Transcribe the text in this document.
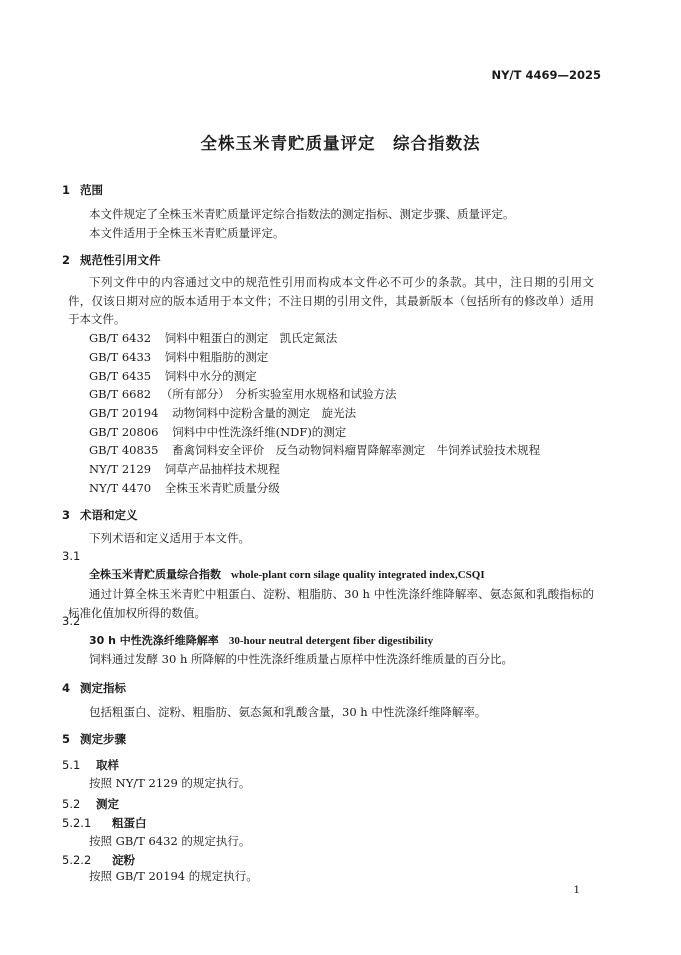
NY/T 4469—2025
全株玉米青贮质量评定　综合指数法
1 范围
本文件规定了全株玉米青贮质量评定综合指数法的测定指标、测定步骤、质量评定。
本文件适用于全株玉米青贮质量评定。
2 规范性引用文件
下列文件中的内容通过文中的规范性引用而构成本文件必不可少的条款。其中，注日期的引用文件，仅该日期对应的版本适用于本文件；不注日期的引用文件，其最新版本（包括所有的修改单）适用于本文件。
GB/T 6432 饲料中粗蛋白的测定　凯氏定氮法
GB/T 6433 饲料中粗脂肪的测定
GB/T 6435 饲料中水分的测定
GB/T 6682 （所有部分）　分析实验室用水规格和试验方法
GB/T 20194 动物饲料中淀粉含量的测定　旋光法
GB/T 20806 饲料中中性洗涤纤维(NDF)的测定
GB/T 40835 畜禽饲料安全评价　反刍动物饲料瘤胃降解率测定　牛饲养试验技术规程
NY/T 2129 饲草产品抽样技术规程
NY/T 4470 全株玉米青贮质量分级
3 术语和定义
下列术语和定义适用于本文件。
3.1
全株玉米青贮质量综合指数 whole-plant corn silage quality integrated index,CSQI
通过计算全株玉米青贮中粗蛋白、淀粉、粗脂肪、30 h 中性洗涤纤维降解率、氨态氮和乳酸指标的标准化值加权所得的数值。
3.2
30 h 中性洗涤纤维降解率 30-hour neutral detergent fiber digestibility
饲料通过发酵 30 h 所降解的中性洗涤纤维质量占原样中性洗涤纤维质量的百分比。
4 测定指标
包括粗蛋白、淀粉、粗脂肪、氨态氮和乳酸含量，30 h 中性洗涤纤维降解率。
5 测定步骤
5.1 取样
按照 NY/T 2129 的规定执行。
5.2 测定
5.2.1 粗蛋白
按照 GB/T 6432 的规定执行。
5.2.2 淀粉
按照 GB/T 20194 的规定执行。
1
